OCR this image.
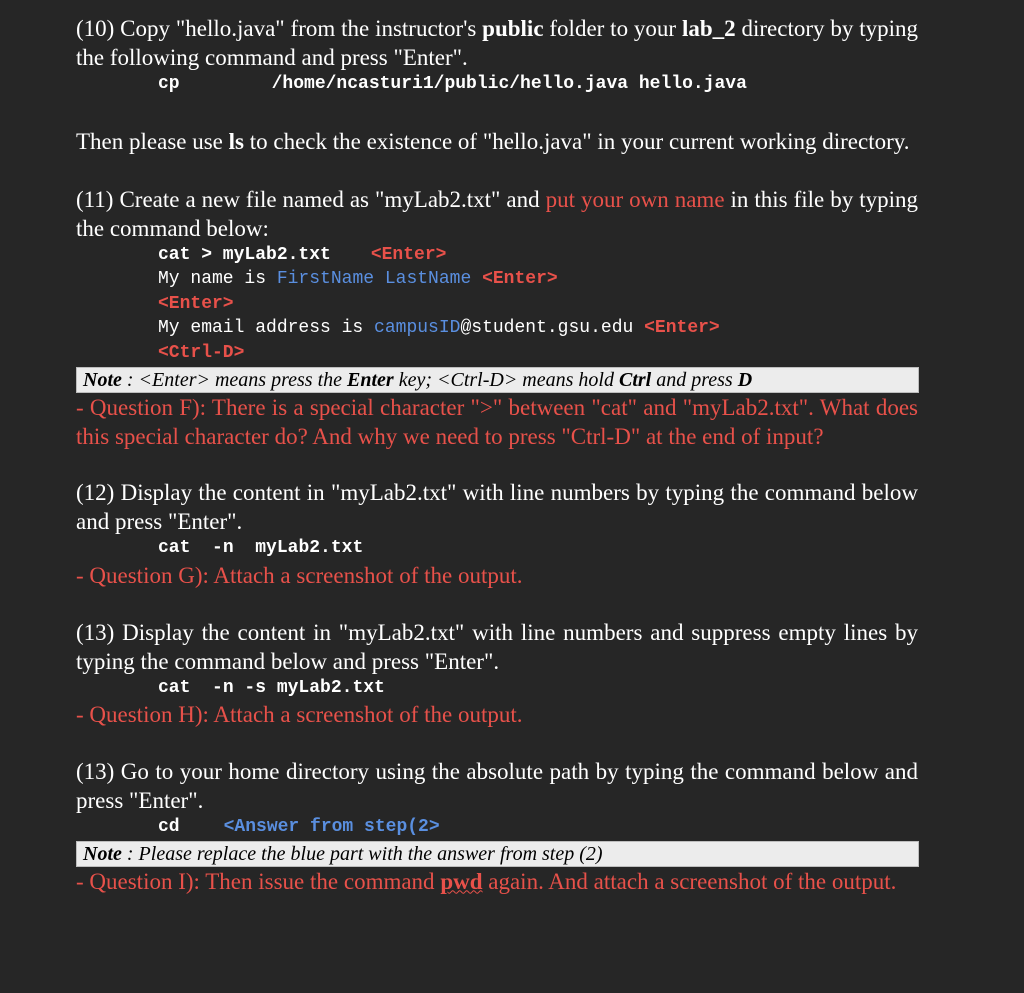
(10) Copy "hello.java" from the instructor's public folder to your lab_2 directory by typing the following command and press "Enter".

cp	/home/ncasturi1/public/hello.java hello.java

Then please use ls to check the existence of "hello.java" in your current working directory.

(11) Create a new file named as "myLab2.txt" and put your own name in this file by typing the command below:

cat > myLab2.txt <Enter>

My name is FirstName LastName <Enter>

<Enter>

My email address is campusID@student.gsu.edu <Enter>

<Ctrl-D>

Note : <Enter> means press the Enter key; <Ctrl-D> means hold Ctrl and press D

- Question F): There is a special character ">" between "cat" and "myLab2.txt". What does this special character do? And why we need to press "Ctrl-D" at the end of input?

(12) Display the content in "myLab2.txt" with line numbers by typing the command below and press "Enter".

cat -n myLab2.txt

- Question G): Attach a screenshot of the output.

(13) Display the content in "myLab2.txt" with line numbers and suppress empty lines by typing the command below and press "Enter".

cat -n -s myLab2.txt

- Question H): Attach a screenshot of the output.

(13) Go to your home directory using the absolute path by typing the command below and press "Enter".

cd <Answer from step(2>

Note : Please replace the blue part with the answer from step (2)

- Question I): Then issue the command pwd again. And attach a screenshot of the output.
